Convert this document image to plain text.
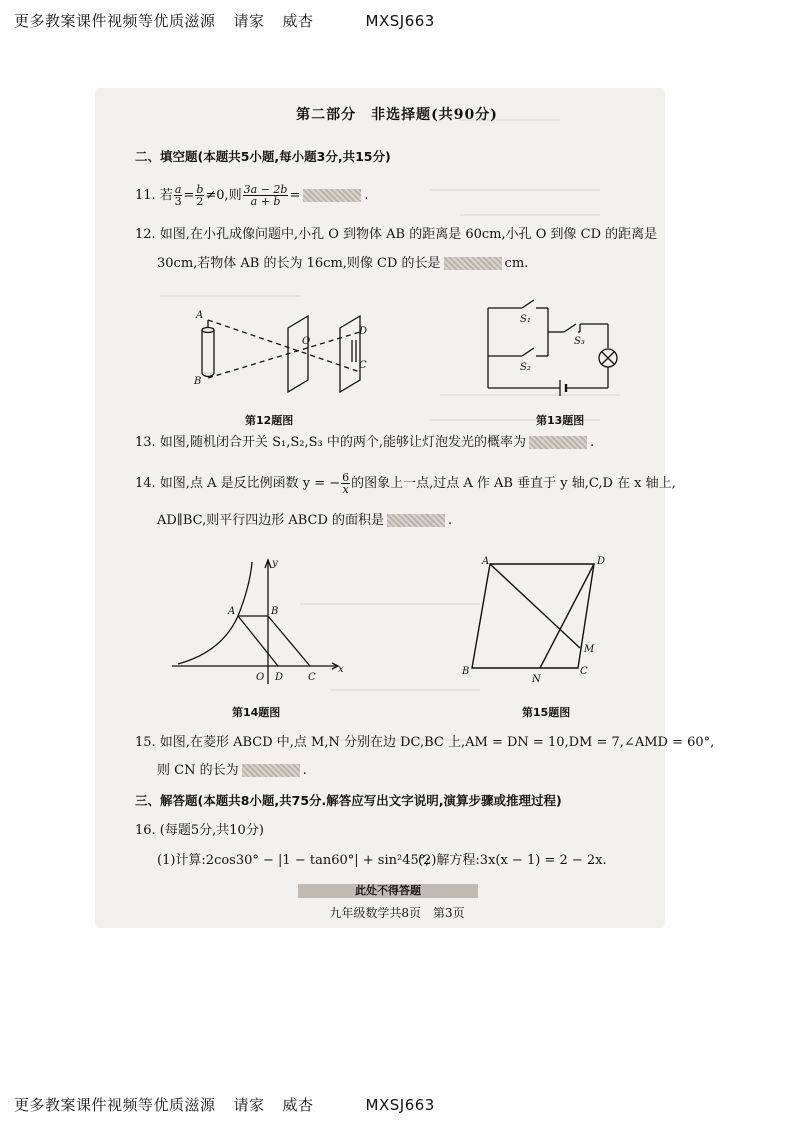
更多教案课件视频等优质滋源 请家 威杏	MXSJ663
第二部分　非选择题(共90分)
二、填空题(本题共5小题,每小题3分,共15分)
11. 若 $\frac{a}{3} = \frac{b}{2} \ne 0$,则 $\frac{3a - 2b}{a + b}$ =	.
12. 如图,在小孔成像问题中,小孔 O 到物体 AB 的距离是 60cm,小孔 O 到像 CD 的距离是
30cm,若物体 AB 的长为 16cm,则像 CD 的长是	cm.
A
B
O
D
C
第12题图
S₁
S₂
S₃
第13题图
13. 如图,随机闭合开关 S₁,S₂,S₃ 中的两个,能够让灯泡发光的概率为	.
14. 如图,点 A 是反比例函数 y = − $\frac{6}{x}$ 的图象上一点,过点 A 作 AB 垂直于 y 轴,C,D 在 x 轴上,
AD∥BC,则平行四边形 ABCD 的面积是	.
A	B
O D C
x
y
第14题图
A	D
B	C
M
N
第15题图
15. 如图,在菱形 ABCD 中,点 M,N 分别在边 DC,BC 上,AM = DN = 10,DM = 7,∠AMD = 60°,
则 CN 的长为	.
三、解答题(本题共8小题,共75分.解答应写出文字说明,演算步骤或推理过程)
16. (每题5分,共10分)
(1)计算:2cos30° − |1 − tan60°| + sin²45°;
(2)解方程:3x(x − 1) = 2 − 2x.
此处不得答题
九年级数学共8页　第3页
更多教案课件视频等优质滋源 请家 威杏	MXSJ663
